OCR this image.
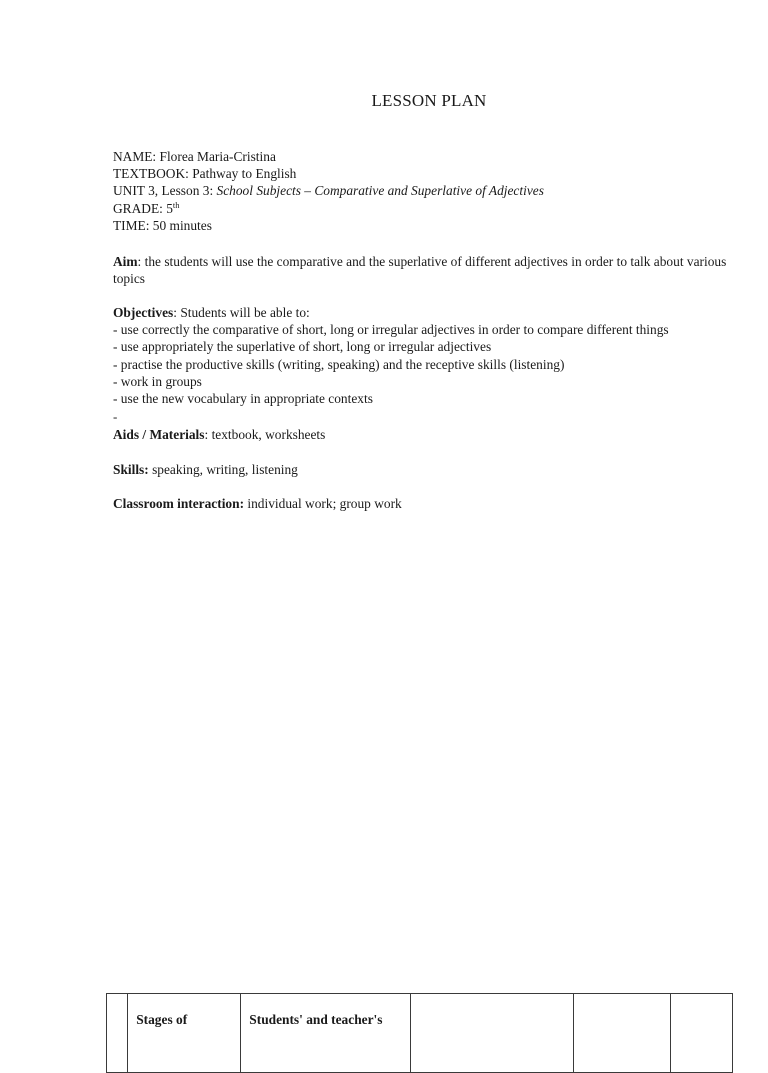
LESSON PLAN
NAME: Florea Maria-Cristina
TEXTBOOK: Pathway to English
UNIT 3, Lesson 3: School Subjects – Comparative and Superlative of Adjectives
GRADE: 5th
TIME: 50 minutes
Aim: the students will use the comparative and the superlative of different adjectives in order to talk about various topics
Objectives: Students will be able to:
- use correctly the comparative of short, long or irregular adjectives in order to compare different things
- use appropriately the superlative of short, long or irregular adjectives
- practise the productive skills (writing, speaking) and the receptive skills (listening)
- work in groups
- use the new vocabulary in appropriate contexts
-
Aids / Materials: textbook, worksheets
Skills: speaking, writing, listening
Classroom interaction: individual work; group work
	Stages of	Students' and teacher's			
